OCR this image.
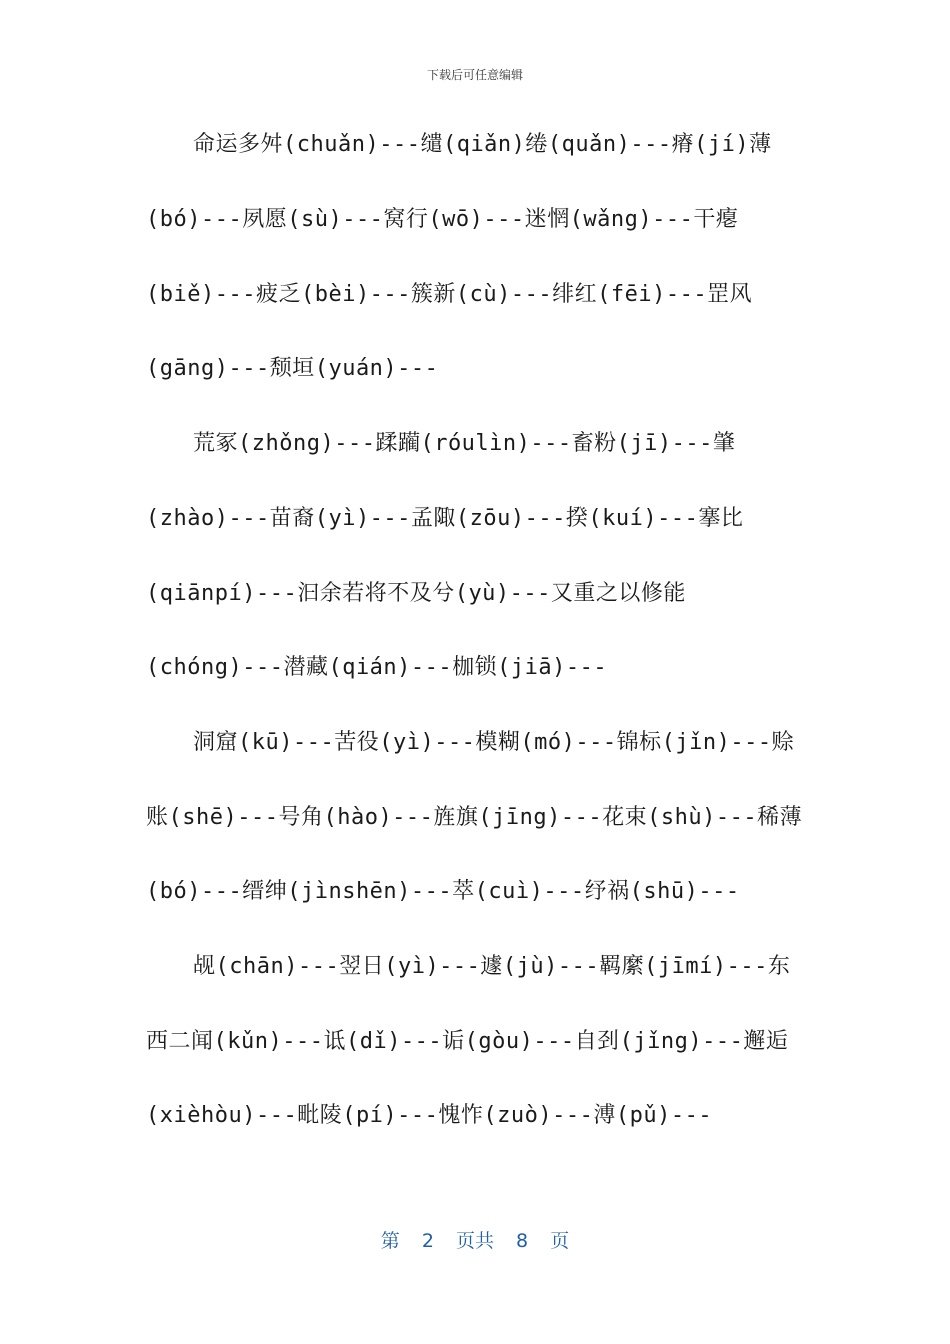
下载后可任意编辑
命运多舛(chuǎn)---缱(qiǎn)绻(quǎn)---瘠(jí)薄
(bó)---夙愿(sù)---窝行(wō)---迷惘(wǎng)---干瘪
(biě)---疲乏(bèi)---簇新(cù)---绯红(fēi)---罡风
(gāng)---颓垣(yuán)---
荒冢(zhǒng)---蹂躏(róulìn)---畜粉(jī)---肇
(zhào)---苗裔(yì)---孟陬(zōu)---揆(kuí)---搴比
(qiānpí)---汩余若将不及兮(yù)---又重之以修能
(chóng)---潜藏(qián)---枷锁(jiā)---
洞窟(kū)---苦役(yì)---模糊(mó)---锦标(jǐn)---赊
账(shē)---号角(hào)---旌旗(jīng)---花束(shù)---稀薄
(bó)---缙绅(jìnshēn)---萃(cuì)---纾祸(shū)---
觇(chān)---翌日(yì)---遽(jù)---羁縻(jīmí)---东
西二闻(kǔn)---诋(dǐ)---诟(gòu)---自刭(jǐng)---邂逅
(xièhòu)---毗陵(pí)---愧怍(zuò)---溥(pǔ)---
第 2 页共 8 页
